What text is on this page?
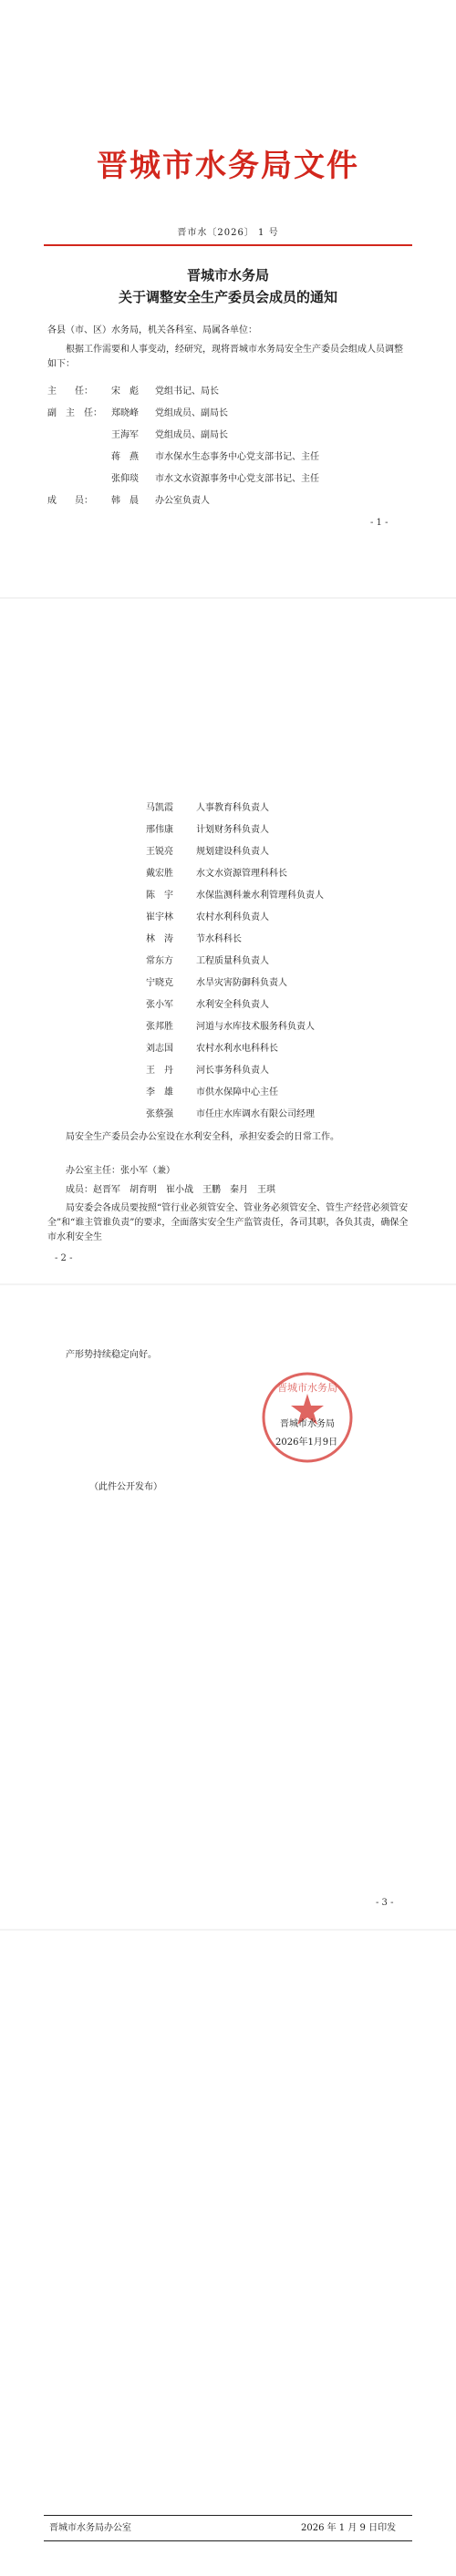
晋城市水务局文件
晋市水〔2026〕 1 号
晋城市水务局
关于调整安全生产委员会成员的通知
各县（市、区）水务局，机关各科室、局属各单位：
根据工作需要和人事变动，经研究，现将晋城市水务局安全生产委员会组成人员调整如下：
主　　任： 宋　彪 党组书记、局长
副　主　任： 郑晓峰 党组成员、副局长
王海军 党组成员、副局长
蒋　燕 市水保水生态事务中心党支部书记、主任
张仰琰 市水文水资源事务中心党支部书记、主任
成　　员： 韩　晨 办公室负责人
- 1 -
马凯霞	人事教育科负责人
邢伟康	计划财务科负责人
王锐亮	规划建设科负责人
戴宏胜	水文水资源管理科科长
陈　宇	水保监测科兼水利管理科负责人
崔宇林	农村水利科负责人
林　涛	节水科科长
常东方	工程质量科负责人
宁晓克	水旱灾害防御科负责人
张小军	水利安全科负责人
张邦胜	河道与水库技术服务科负责人
刘志国	农村水利水电科科长
王　丹	河长事务科负责人
李　雄	市供水保障中心主任
张蔡强	市任庄水库调水有限公司经理
局安全生产委员会办公室设在水利安全科，承担安委会的日常工作。
办公室主任：张小军（兼）
成员：赵晋军　胡育明　崔小战　王鹏　秦月　王琪
局安委会各成员要按照“管行业必须管安全、管业务必须管安全、管生产经营必须管安全”和“谁主管谁负责”的要求，全面落实安全生产监管责任，各司其职，各负其责，确保全市水利安全生
- 2 -
产形势持续稳定向好。
晋城市水务局
晋城市水务局
2026年1月9日
（此件公开发布）
- 3 -
晋城市水务局办公室	2026 年 1 月 9 日印发
